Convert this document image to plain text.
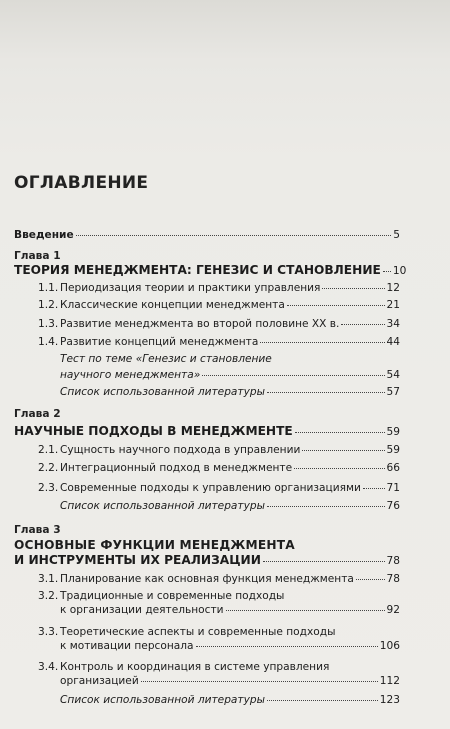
ОГЛАВЛЕНИЕ
Введение	5
Глава 1
ТЕОРИЯ МЕНЕДЖМЕНТА: ГЕНЕЗИС И СТАНОВЛЕНИЕ 10
1.1. Периодизация теории и практики управления	12
1.2. Классические концепции менеджмента	21
1.3. Развитие менеджмента во второй половине XX в.	34
1.4. Развитие концепций менеджмента	44
Тест по теме «Генезис и становление
научного менеджмента»	54
Список использованной литературы	57
Глава 2
НАУЧНЫЕ ПОДХОДЫ В МЕНЕДЖМЕНТЕ	59
2.1. Сущность научного подхода в управлении	59
2.2. Интеграционный подход в менеджменте	66
2.3. Современные подходы к управлению организациями 71
Список использованной литературы	76
Глава 3
ОСНОВНЫЕ ФУНКЦИИ МЕНЕДЖМЕНТА
И ИНСТРУМЕНТЫ ИХ РЕАЛИЗАЦИИ	78
3.1. Планирование как основная функция менеджмента	78
3.2. Традиционные и современные подходы
к организации деятельности	92
3.3. Теоретические аспекты и современные подходы
к мотивации персонала	106
3.4. Контроль и координация в системе управления
организацией	112
Список использованной литературы	123
